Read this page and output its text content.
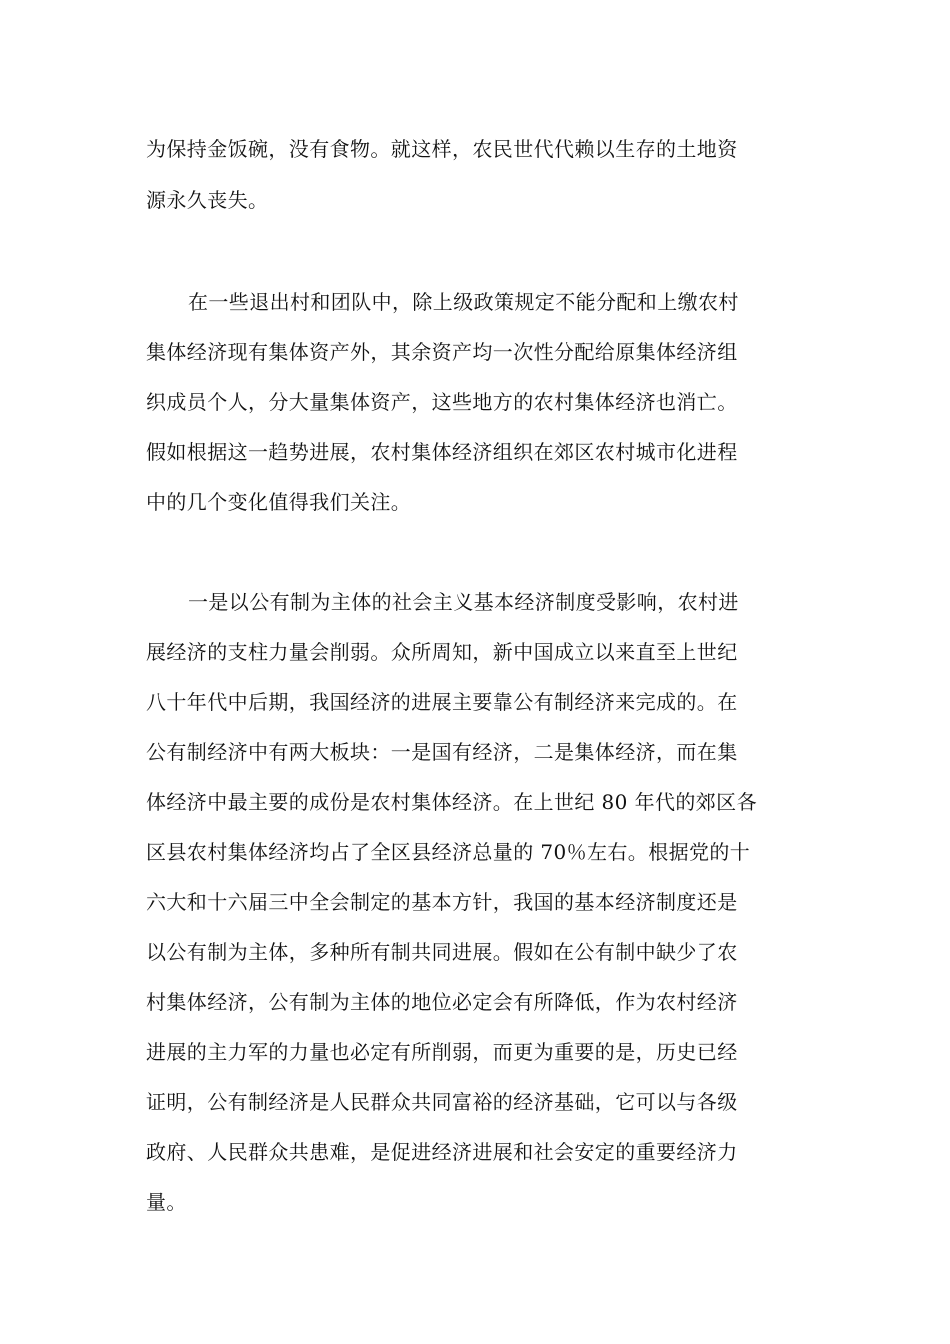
为保持金饭碗，没有食物。就这样，农民世代代赖以生存的土地资
源永久丧失。
在一些退出村和团队中，除上级政策规定不能分配和上缴农村
集体经济现有集体资产外，其余资产均一次性分配给原集体经济组
织成员个人，分大量集体资产，这些地方的农村集体经济也消亡。
假如根据这一趋势进展，农村集体经济组织在郊区农村城市化进程
中的几个变化值得我们关注。
一是以公有制为主体的社会主义基本经济制度受影响，农村进
展经济的支柱力量会削弱。众所周知，新中国成立以来直至上世纪
八十年代中后期，我国经济的进展主要靠公有制经济来完成的。在
公有制经济中有两大板块：一是国有经济，二是集体经济，而在集
体经济中最主要的成份是农村集体经济。在上世纪 80 年代的郊区各
区县农村集体经济均占了全区县经济总量的 70％左右。根据党的十
六大和十六届三中全会制定的基本方针，我国的基本经济制度还是
以公有制为主体，多种所有制共同进展。假如在公有制中缺少了农
村集体经济，公有制为主体的地位必定会有所降低，作为农村经济
进展的主力军的力量也必定有所削弱，而更为重要的是，历史已经
证明，公有制经济是人民群众共同富裕的经济基础，它可以与各级
政府、人民群众共患难，是促进经济进展和社会安定的重要经济力
量。
